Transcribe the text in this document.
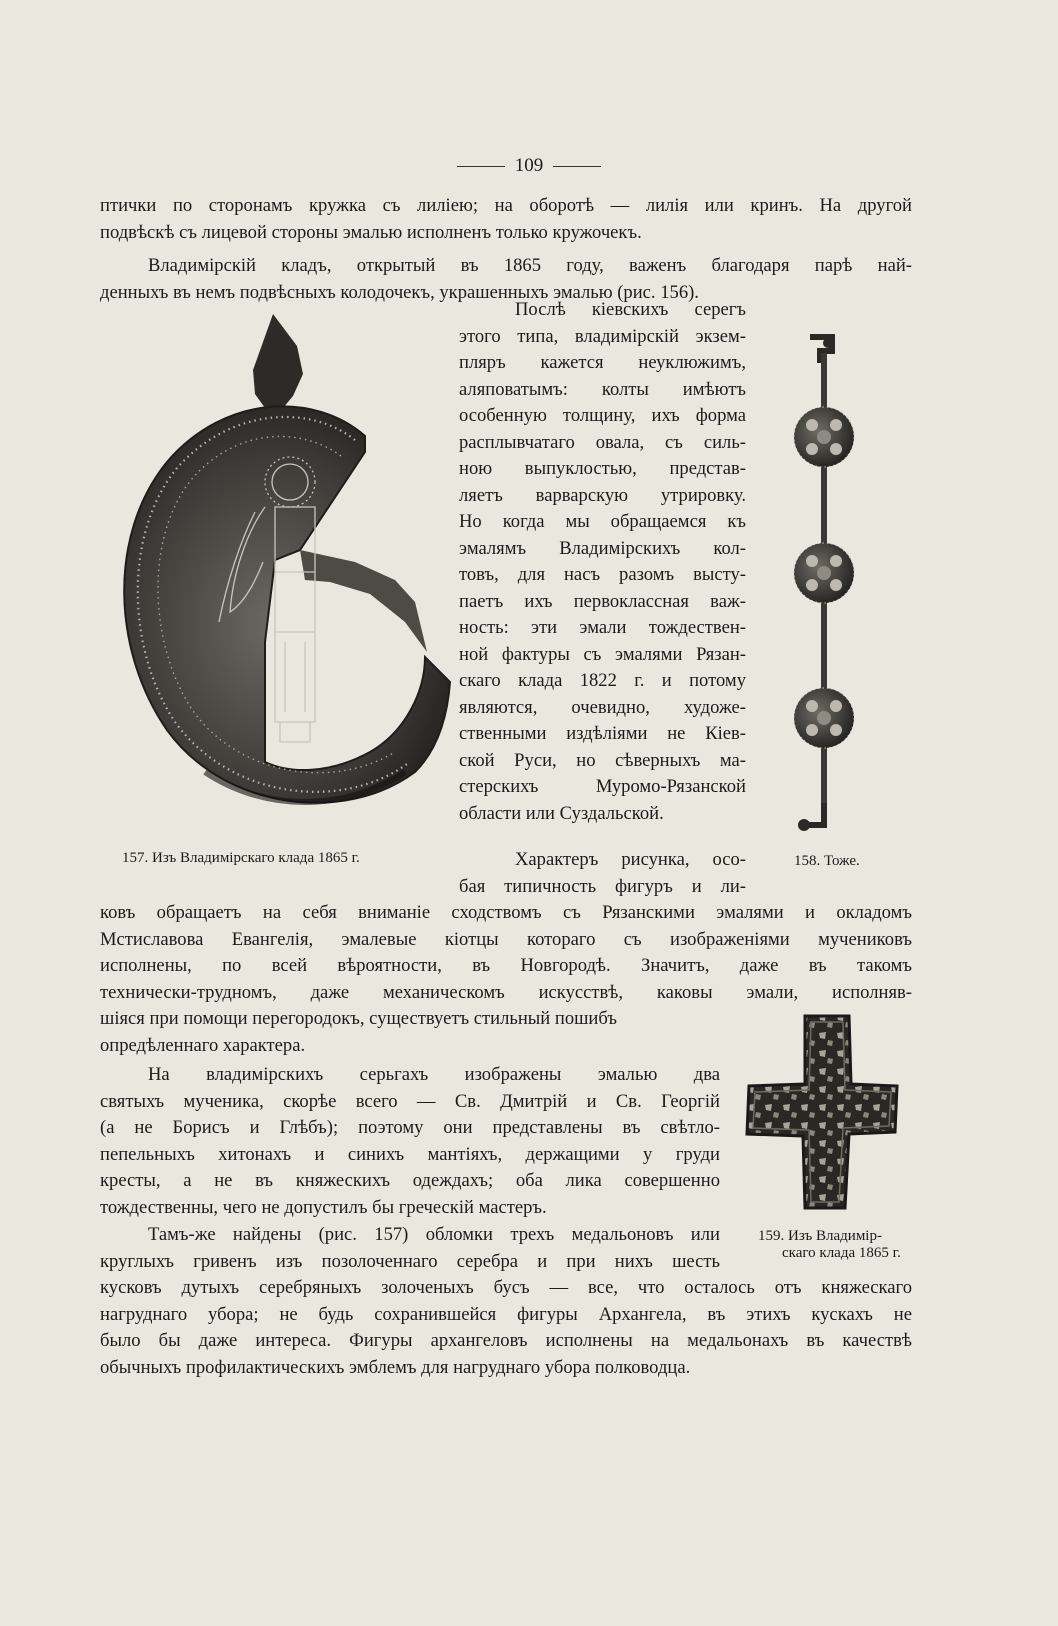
109
птички по сторонамъ кружка съ лиліею; на оборотѣ — лилія или кринъ. На другой
подвѣскѣ съ лицевой стороны эмалью исполненъ только кружочекъ.
Владимірскій кладъ, открытый въ 1865 году, важенъ благодаря парѣ най-
денныхъ въ немъ подвѣсныхъ колодочекъ, украшенныхъ эмалью (рис. 156).
157. Изъ Владимірскаго клада 1865 г.
Послѣ кіевскихъ серегъ
этого типа, владимірскій экзем-
пляръ кажется неуклюжимъ,
аляповатымъ: колты имѣютъ
особенную толщину, ихъ форма
расплывчатаго овала, съ силь-
ною выпуклостью, представ-
ляетъ варварскую утрировку.
Но когда мы обращаемся къ
эмалямъ Владимірскихъ кол-
товъ, для насъ разомъ высту-
паетъ ихъ первоклассная важ-
ность: эти эмали тождествен-
ной фактуры съ эмалями Рязан-
скаго клада 1822 г. и потому
являются, очевидно, художе-
ственными издѣліями не Кіев-
ской Руси, но сѣверныхъ ма-
стерскихъ Муромо-Рязанской
области или Суздальской.
158. Тоже.
Характеръ рисунка, осо-
бая типичность фигуръ и ли-
ковъ обращаетъ на себя вниманіе сходствомъ съ Рязанскими эмалями и окладомъ
Мстиславова Евангелія, эмалевые кіотцы котораго съ изображеніями мучениковъ
исполнены, по всей вѣроятности, въ Новгородѣ. Значитъ, даже въ такомъ
технически-трудномъ, даже механическомъ искусствѣ, каковы эмали, исполняв-
шіяся при помощи перегородокъ, существуетъ стильный пошибъ
опредѣленнаго характера.
На владимірскихъ серьгахъ изображены эмалью два
святыхъ мученика, скорѣе всего — Св. Дмитрій и Св. Георгій
(а не Борисъ и Глѣбъ); поэтому они представлены въ свѣтло-
пепельныхъ хитонахъ и синихъ мантіяхъ, держащими у груди
кресты, а не въ княжескихъ одеждахъ; оба лика совершенно
тождественны, чего не допустилъ бы греческій мастеръ.
159. Изъ Владимір-
скаго клада 1865 г.
Тамъ-же найдены (рис. 157) обломки трехъ медальоновъ или
круглыхъ гривенъ изъ позолоченнаго серебра и при нихъ шесть
кусковъ дутыхъ серебряныхъ золоченыхъ бусъ — все, что осталось отъ княжескаго
нагруднаго убора; не будь сохранившейся фигуры Архангела, въ этихъ кускахъ не
было бы даже интереса. Фигуры архангеловъ исполнены на медальонахъ въ качествѣ
обычныхъ профилактическихъ эмблемъ для нагруднаго убора полководца.
